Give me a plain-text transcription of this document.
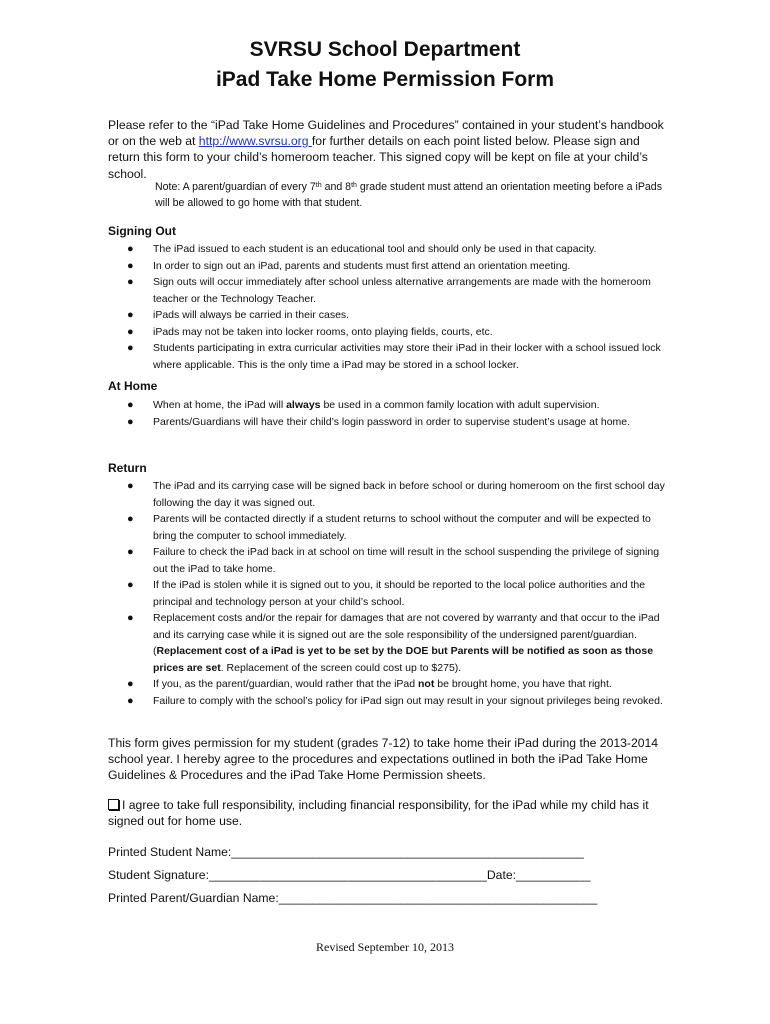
SVRSU School Department
iPad Take Home Permission Form
Please refer to the “iPad Take Home Guidelines and Procedures” contained in your student’s handbook or on the web at http://www.svrsu.org for further details on each point listed below. Please sign and return this form to your child’s homeroom teacher. This signed copy will be kept on file at your child’s school.
Note: A parent/guardian of every 7th and 8th grade student must attend an orientation meeting before a iPads will be allowed to go home with that student.
Signing Out
● The iPad issued to each student is an educational tool and should only be used in that capacity.
● In order to sign out an iPad, parents and students must first attend an orientation meeting.
● Sign outs will occur immediately after school unless alternative arrangements are made with the homeroom teacher or the Technology Teacher.
● iPads will always be carried in their cases.
● iPads may not be taken into locker rooms, onto playing fields, courts, etc.
● Students participating in extra curricular activities may store their iPad in their locker with a school issued lock where applicable. This is the only time a iPad may be stored in a school locker.
At Home
● When at home, the iPad will always be used in a common family location with adult supervision.
● Parents/Guardians will have their child’s login password in order to supervise student’s usage at home.
Return
● The iPad and its carrying case will be signed back in before school or during homeroom on the first school day following the day it was signed out.
● Parents will be contacted directly if a student returns to school without the computer and will be expected to bring the computer to school immediately.
● Failure to check the iPad back in at school on time will result in the school suspending the privilege of signing out the iPad to take home.
● If the iPad is stolen while it is signed out to you, it should be reported to the local police authorities and the principal and technology person at your child’s school.
● Replacement costs and/or the repair for damages that are not covered by warranty and that occur to the iPad and its carrying case while it is signed out are the sole responsibility of the undersigned parent/guardian. (Replacement cost of a iPad is yet to be set by the DOE but Parents will be notified as soon as those prices are set. Replacement of the screen could cost up to $275).
● If you, as the parent/guardian, would rather that the iPad not be brought home, you have that right.
● Failure to comply with the school’s policy for iPad sign out may result in your signout privileges being revoked.
This form gives permission for my student (grades 7-12) to take home their iPad during the 2013-2014 school year. I hereby agree to the procedures and expectations outlined in both the iPad Take Home Guidelines & Procedures and the iPad Take Home Permission sheets.
I agree to take full responsibility, including financial responsibility, for the iPad while my child has it signed out for home use.
Printed Student Name:____________________________________________________
Student Signature:_________________________________________Date:___________
Printed Parent/Guardian Name:_______________________________________________
Revised September 10, 2013
